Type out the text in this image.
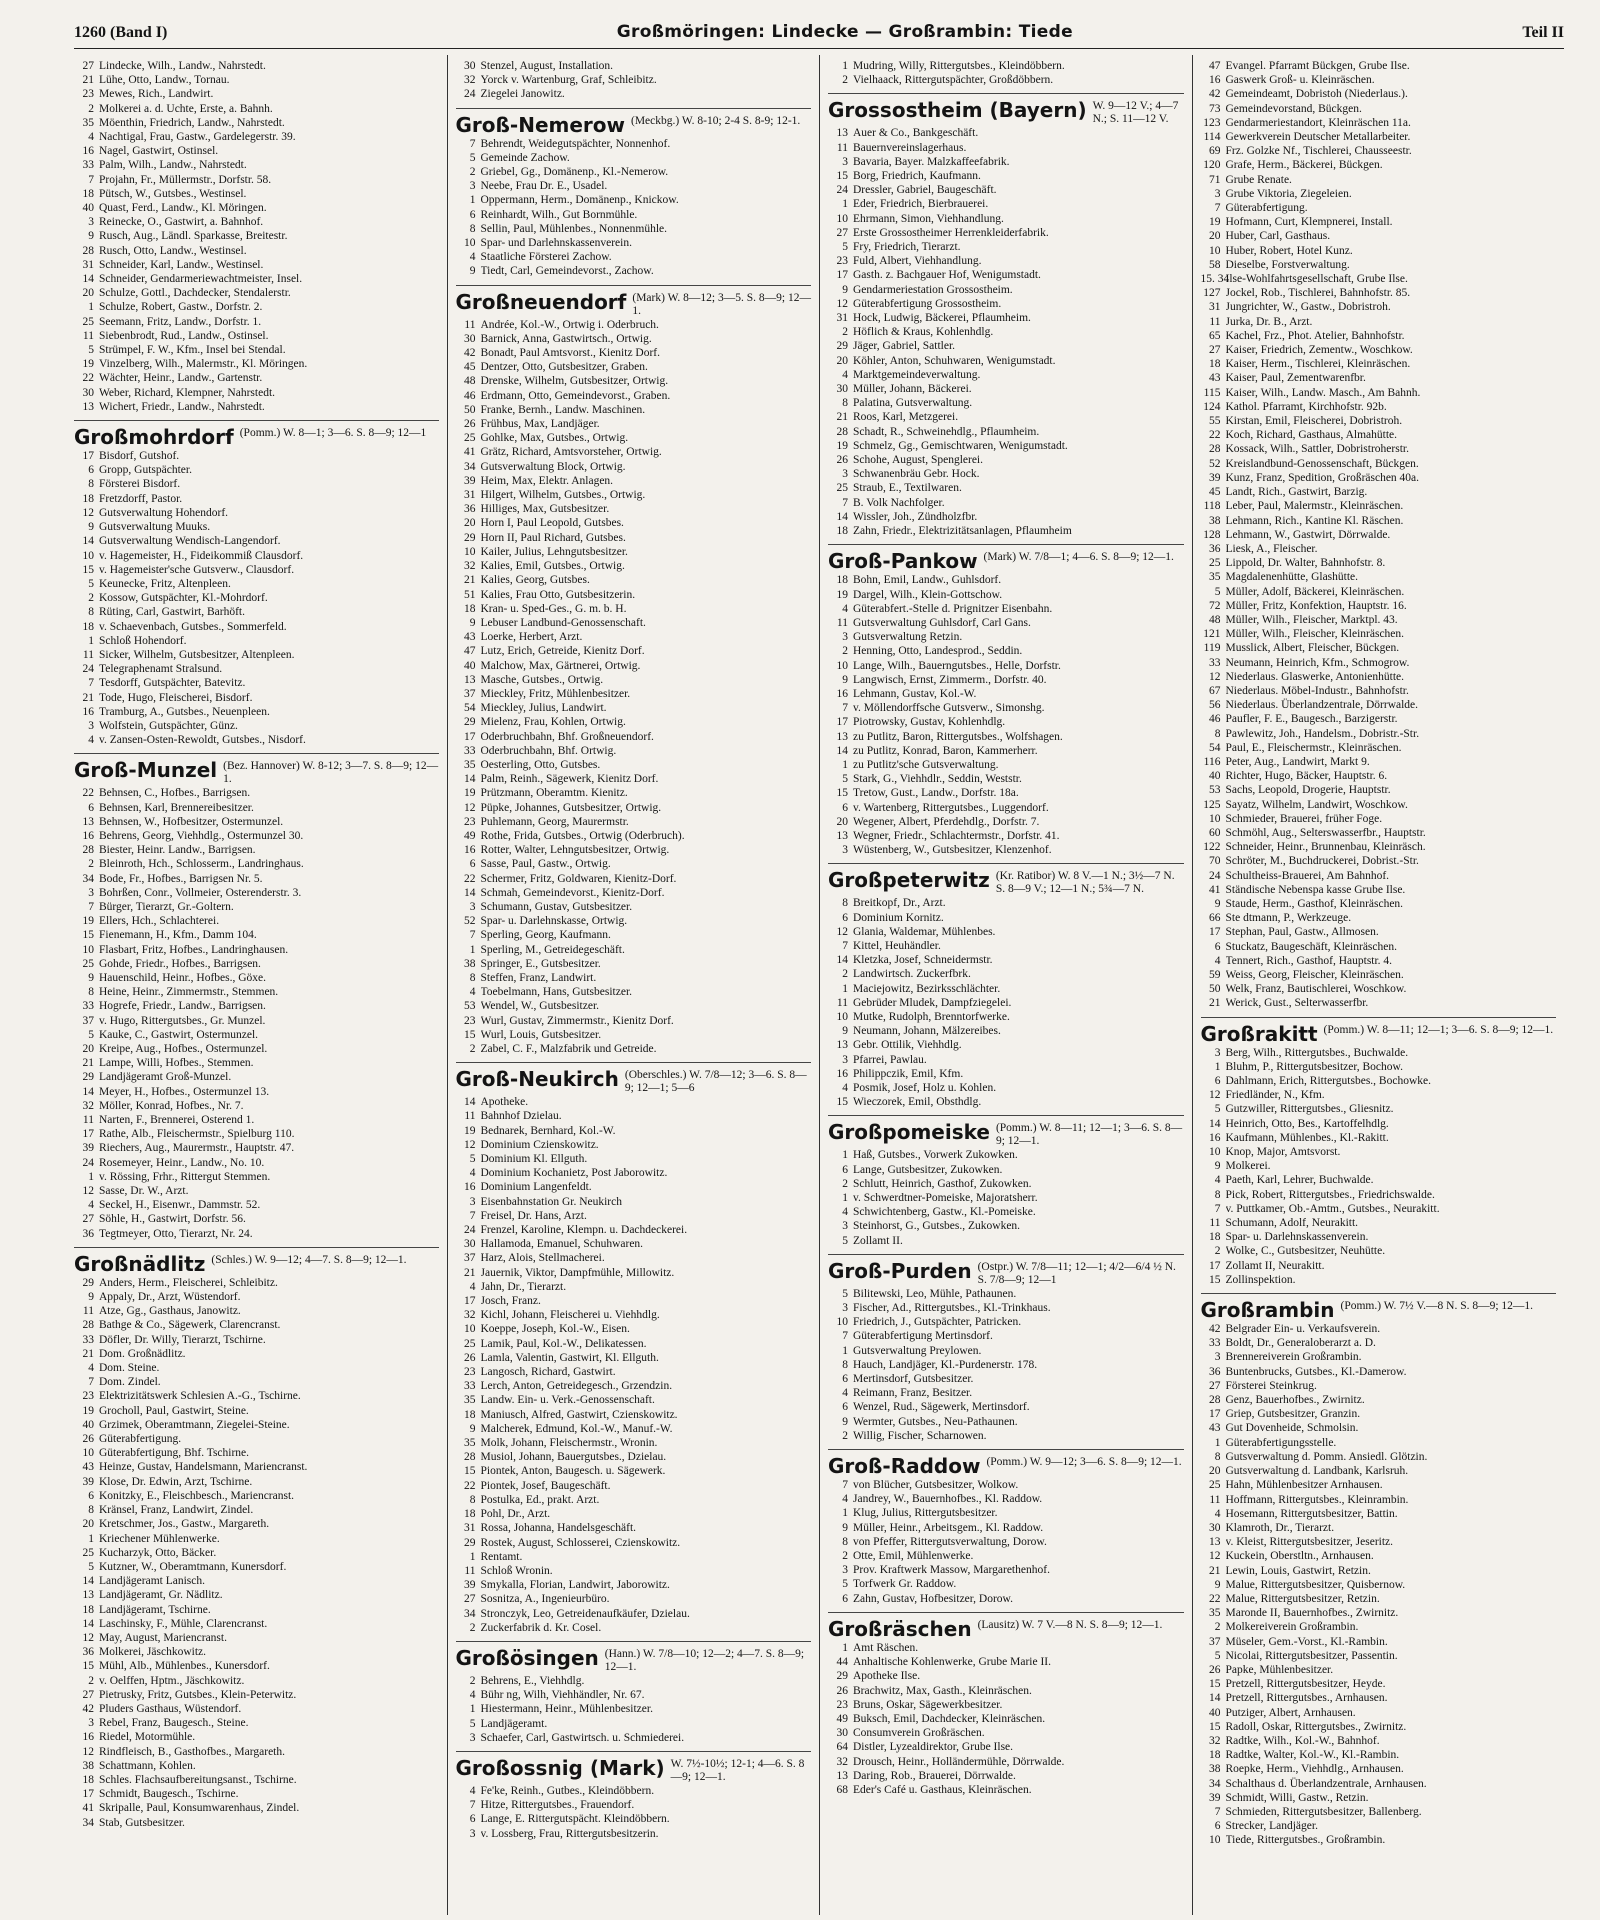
1260 (Band I)	Großmöringen: Lindecke — Großrambin: Tiede	Teil II
27 Lindecke, Wilh., Landw., Nahrstedt.
21 Lühe, Otto, Landw., Tornau.
23 Mewes, Rich., Landwirt.
2 Molkerei a. d. Uchte, Erste, a. Bahnh.
35 Möenthin, Friedrich, Landw., Nahrstedt.
4 Nachtigal, Frau, Gastw., Gardelegerstr. 39.
16 Nagel, Gastwirt, Ostinsel.
33 Palm, Wilh., Landw., Nahrstedt.
7 Projahn, Fr., Müllermstr., Dorfstr. 58.
18 Pütsch, W., Gutsbes., Westinsel.
40 Quast, Ferd., Landw., Kl. Möringen.
3 Reinecke, O., Gastwirt, a. Bahnhof.
9 Rusch, Aug., Ländl. Sparkasse, Breitestr.
28 Rusch, Otto, Landw., Westinsel.
31 Schneider, Karl, Landw., Westinsel.
14 Schneider, Gendarmeriewachtmeister, Insel.
20 Schulze, Gottl., Dachdecker, Stendalerstr.
1 Schulze, Robert, Gastw., Dorfstr. 2.
25 Seemann, Fritz, Landw., Dorfstr. 1.
11 Siebenbrodt, Rud., Landw., Ostinsel.
5 Strümpel, F. W., Kfm., Insel bei Stendal.
19 Vinzelberg, Wilh., Malermstr., Kl. Möringen.
22 Wächter, Heinr., Landw., Gartenstr.
30 Weber, Richard, Klempner, Nahrstedt.
13 Wichert, Friedr., Landw., Nahrstedt.
Großmohrdorf (Pomm.) W. 8—1; 3—6. S. 8—9; 12—1
17 Bisdorf, Gutshof.
6 Gropp, Gutspächter.
8 Försterei Bisdorf.
18 Fretzdorff, Pastor.
12 Gutsverwaltung Hohendorf.
9 Gutsverwaltung Muuks.
14 Gutsverwaltung Wendisch-Langendorf.
10 v. Hagemeister, H., Fideikommiß Clausdorf.
15 v. Hagemeister'sche Gutsverw., Clausdorf.
5 Keunecke, Fritz, Altenpleen.
2 Kossow, Gutspächter, Kl.-Mohrdorf.
8 Rüting, Carl, Gastwirt, Barhöft.
18 v. Schaevenbach, Gutsbes., Sommerfeld.
1 Schloß Hohendorf.
11 Sicker, Wilhelm, Gutsbesitzer, Altenpleen.
24 Telegraphenamt Stralsund.
7 Tesdorff, Gutspächter, Batevitz.
21 Tode, Hugo, Fleischerei, Bisdorf.
16 Tramburg, A., Gutsbes., Neuenpleen.
3 Wolfstein, Gutspächter, Günz.
4 v. Zansen-Osten-Rewoldt, Gutsbes., Nisdorf.
Groß-Munzel (Bez. Hannover) W. 8-12; 3—7. S. 8—9; 12—1.
22 Behnsen, C., Hofbes., Barrigsen.
6 Behnsen, Karl, Brennereibesitzer.
13 Behnsen, W., Hofbesitzer, Ostermunzel.
16 Behrens, Georg, Viehhdlg., Ostermunzel 30.
28 Biester, Heinr. Landw., Barrigsen.
2 Bleinroth, Hch., Schlosserm., Landringhaus.
34 Bode, Fr., Hofbes., Barrigsen Nr. 5.
3 Bohrßen, Conr., Vollmeier, Osterenderstr. 3.
7 Bürger, Tierarzt, Gr.-Goltern.
19 Ellers, Hch., Schlachterei.
15 Fienemann, H., Kfm., Damm 104.
10 Flasbart, Fritz, Hofbes., Landringhausen.
25 Gohde, Friedr., Hofbes., Barrigsen.
9 Hauenschild, Heinr., Hofbes., Göxe.
8 Heine, Heinr., Zimmermstr., Stemmen.
33 Hogrefe, Friedr., Landw., Barrigsen.
37 v. Hugo, Rittergutsbes., Gr. Munzel.
5 Kauke, C., Gastwirt, Ostermunzel.
20 Kreipe, Aug., Hofbes., Ostermunzel.
21 Lampe, Willi, Hofbes., Stemmen.
29 Landjägeramt Groß-Munzel.
14 Meyer, H., Hofbes., Ostermunzel 13.
32 Möller, Konrad, Hofbes., Nr. 7.
11 Narten, F., Brennerei, Osterend 1.
17 Rathe, Alb., Fleischermstr., Spielburg 110.
39 Riechers, Aug., Maurermstr., Hauptstr. 47.
24 Rosemeyer, Heinr., Landw., No. 10.
1 v. Rössing, Frhr., Rittergut Stemmen.
12 Sasse, Dr. W., Arzt.
4 Seckel, H., Eisenwr., Dammstr. 52.
27 Söhle, H., Gastwirt, Dorfstr. 56.
36 Tegtmeyer, Otto, Tierarzt, Nr. 24.
Großnädlitz (Schles.) W. 9—12; 4—7. S. 8—9; 12—1.
29 Anders, Herm., Fleischerei, Schleibitz.
9 Appaly, Dr., Arzt, Wüstendorf.
11 Atze, Gg., Gasthaus, Janowitz.
28 Bathge & Co., Sägewerk, Clarencranst.
33 Döfler, Dr. Willy, Tierarzt, Tschirne.
21 Dom. Großnädlitz.
4 Dom. Steine.
7 Dom. Zindel.
23 Elektrizitätswerk Schlesien A.-G., Tschirne.
19 Grocholl, Paul, Gastwirt, Steine.
40 Grzimek, Oberamtmann, Ziegelei-Steine.
26 Güterabfertigung.
10 Güterabfertigung, Bhf. Tschirne.
43 Heinze, Gustav, Handelsmann, Mariencranst.
39 Klose, Dr. Edwin, Arzt, Tschirne.
6 Konitzky, E., Fleischbesch., Mariencranst.
8 Kränsel, Franz, Landwirt, Zindel.
20 Kretschmer, Jos., Gastw., Margareth.
1 Kriechener Mühlenwerke.
25 Kucharzyk, Otto, Bäcker.
5 Kutzner, W., Oberamtmann, Kunersdorf.
14 Landjägeramt Lanisch.
13 Landjägeramt, Gr. Nädlitz.
18 Landjägeramt, Tschirne.
14 Laschinsky, F., Mühle, Clarencranst.
12 May, August, Mariencranst.
36 Molkerei, Jäschkowitz.
15 Mühl, Alb., Mühlenbes., Kunersdorf.
2 v. Oelffen, Hptm., Jäschkowitz.
27 Pietrusky, Fritz, Gutsbes., Klein-Peterwitz.
42 Pluders Gasthaus, Wüstendorf.
3 Rebel, Franz, Baugesch., Steine.
16 Riedel, Motormühle.
12 Rindfleisch, B., Gasthofbes., Margareth.
38 Schattmann, Kohlen.
18 Schles. Flachsaufbereitungsanst., Tschirne.
17 Schmidt, Baugesch., Tschirne.
41 Skripalle, Paul, Konsumwarenhaus, Zindel.
34 Stab, Gutsbesitzer.
30 Stenzel, August, Installation.
32 Yorck v. Wartenburg, Graf, Schleibitz.
24 Ziegelei Janowitz.
Groß-Nemerow (Meckbg.) W. 8-10; 2-4 S. 8-9; 12-1.
7 Behrendt, Weidegutspächter, Nonnenhof.
5 Gemeinde Zachow.
2 Griebel, Gg., Domänenp., Kl.-Nemerow.
3 Neebe, Frau Dr. E., Usadel.
1 Oppermann, Herm., Domänenp., Knickow.
6 Reinhardt, Wilh., Gut Bornmühle.
8 Sellin, Paul, Mühlenbes., Nonnenmühle.
10 Spar- und Darlehnskassenverein.
4 Staatliche Försterei Zachow.
9 Tiedt, Carl, Gemeindevorst., Zachow.
Großneuendorf (Mark) W. 8—12; 3—5. S. 8—9; 12—1.
11 Andrée, Kol.-W., Ortwig i. Oderbruch.
30 Barnick, Anna, Gastwirtsch., Ortwig.
42 Bonadt, Paul Amtsvorst., Kienitz Dorf.
45 Dentzer, Otto, Gutsbesitzer, Graben.
48 Drenske, Wilhelm, Gutsbesitzer, Ortwig.
46 Erdmann, Otto, Gemeindevorst., Graben.
50 Franke, Bernh., Landw. Maschinen.
26 Frühbus, Max, Landjäger.
25 Gohlke, Max, Gutsbes., Ortwig.
41 Grätz, Richard, Amtsvorsteher, Ortwig.
34 Gutsverwaltung Block, Ortwig.
39 Heim, Max, Elektr. Anlagen.
31 Hilgert, Wilhelm, Gutsbes., Ortwig.
36 Hilliges, Max, Gutsbesitzer.
20 Horn I, Paul Leopold, Gutsbes.
29 Horn II, Paul Richard, Gutsbes.
10 Kailer, Julius, Lehngutsbesitzer.
32 Kalies, Emil, Gutsbes., Ortwig.
21 Kalies, Georg, Gutsbes.
51 Kalies, Frau Otto, Gutsbesitzerin.
18 Kran- u. Sped-Ges., G. m. b. H.
9 Lebuser Landbund-Genossenschaft.
43 Loerke, Herbert, Arzt.
47 Lutz, Erich, Getreide, Kienitz Dorf.
40 Malchow, Max, Gärtnerei, Ortwig.
13 Masche, Gutsbes., Ortwig.
37 Mieckley, Fritz, Mühlenbesitzer.
54 Mieckley, Julius, Landwirt.
29 Mielenz, Frau, Kohlen, Ortwig.
17 Oderbruchbahn, Bhf. Großneuendorf.
33 Oderbruchbahn, Bhf. Ortwig.
35 Oesterling, Otto, Gutsbes.
14 Palm, Reinh., Sägewerk, Kienitz Dorf.
19 Prützmann, Oberamtm. Kienitz.
12 Püpke, Johannes, Gutsbesitzer, Ortwig.
23 Puhlemann, Georg, Maurermstr.
49 Rothe, Frida, Gutsbes., Ortwig (Oderbruch).
16 Rotter, Walter, Lehngutsbesitzer, Ortwig.
6 Sasse, Paul, Gastw., Ortwig.
22 Schermer, Fritz, Goldwaren, Kienitz-Dorf.
14 Schmah, Gemeindevorst., Kienitz-Dorf.
3 Schumann, Gustav, Gutsbesitzer.
52 Spar- u. Darlehnskasse, Ortwig.
7 Sperling, Georg, Kaufmann.
1 Sperling, M., Getreidegeschäft.
38 Springer, E., Gutsbesitzer.
8 Steffen, Franz, Landwirt.
4 Toebelmann, Hans, Gutsbesitzer.
53 Wendel, W., Gutsbesitzer.
23 Wurl, Gustav, Zimmermstr., Kienitz Dorf.
15 Wurl, Louis, Gutsbesitzer.
2 Zabel, C. F., Malzfabrik und Getreide.
Groß-Neukirch (Oberschles.) W. 7/8—12; 3—6. S. 8—9; 12—1; 5—6
14 Apotheke.
11 Bahnhof Dzielau.
19 Bednarek, Bernhard, Kol.-W.
12 Dominium Czienskowitz.
5 Dominium Kl. Ellguth.
4 Dominium Kochanietz, Post Jaborowitz.
16 Dominium Langenfeldt.
3 Eisenbahnstation Gr. Neukirch
7 Freisel, Dr. Hans, Arzt.
24 Frenzel, Karoline, Klempn. u. Dachdeckerei.
30 Hallamoda, Emanuel, Schuhwaren.
37 Harz, Alois, Stellmacherei.
21 Jauernik, Viktor, Dampfmühle, Millowitz.
4 Jahn, Dr., Tierarzt.
17 Josch, Franz.
32 Kichl, Johann, Fleischerei u. Viehhdlg.
10 Koeppe, Joseph, Kol.-W., Eisen.
25 Lamik, Paul, Kol.-W., Delikatessen.
26 Lamla, Valentin, Gastwirt, Kl. Ellguth.
23 Langosch, Richard, Gastwirt.
33 Lerch, Anton, Getreidegesch., Grzendzin.
35 Landw. Ein- u. Verk.-Genossenschaft.
18 Maniusch, Alfred, Gastwirt, Czienskowitz.
9 Malcherek, Edmund, Kol.-W., Manuf.-W.
35 Molk, Johann, Fleischermstr., Wronin.
28 Musiol, Johann, Bauergutsbes., Dzielau.
15 Piontek, Anton, Baugesch. u. Sägewerk.
22 Piontek, Josef, Baugeschäft.
8 Postulka, Ed., prakt. Arzt.
18 Pohl, Dr., Arzt.
31 Rossa, Johanna, Handelsgeschäft.
29 Rostek, August, Schlosserei, Czienskowitz.
1 Rentamt.
11 Schloß Wronin.
39 Smykalla, Florian, Landwirt, Jaborowitz.
27 Sosnitza, A., Ingenieurbüro.
34 Stronczyk, Leo, Getreidenaufkäufer, Dzielau.
2 Zuckerfabrik d. Kr. Cosel.
Großösingen (Hann.) W. 7/8—10; 12—2; 4—7. S. 8—9; 12—1.
2 Behrens, E., Viehhdlg.
4 Bühr ng, Wilh, Viehhändler, Nr. 67.
1 Hiestermann, Heinr., Mühlenbesitzer.
5 Landjägeramt.
3 Schaefer, Carl, Gastwirtsch. u. Schmiederei.
Großossnig (Mark) W. 7½-10½; 12-1; 4—6. S. 8—9; 12—1.
4 Fe'ke, Reinh., Gutbes., Kleindöbbern.
7 Hitze, Rittergutsbes., Frauendorf.
6 Lange, E. Rittergutspächt. Kleindöbbern.
3 v. Lossberg, Frau, Rittergutsbesitzerin.
1 Mudring, Willy, Rittergutsbes., Kleindöbbern.
2 Vielhaack, Rittergutspächter, Großdöbbern.
Grossostheim (Bayern) W. 9—12 V.; 4—7 N.; S. 11—12 V.
13 Auer & Co., Bankgeschäft.
11 Bauernvereinslagerhaus.
3 Bavaria, Bayer. Malzkaffeefabrik.
15 Borg, Friedrich, Kaufmann.
24 Dressler, Gabriel, Baugeschäft.
1 Eder, Friedrich, Bierbrauerei.
10 Ehrmann, Simon, Viehhandlung.
27 Erste Grossostheimer Herrenkleiderfabrik.
5 Fry, Friedrich, Tierarzt.
23 Fuld, Albert, Viehhandlung.
17 Gasth. z. Bachgauer Hof, Wenigumstadt.
9 Gendarmeriestation Grossostheim.
12 Güterabfertigung Grossostheim.
31 Hock, Ludwig, Bäckerei, Pflaumheim.
2 Höflich & Kraus, Kohlenhdlg.
29 Jäger, Gabriel, Sattler.
20 Köhler, Anton, Schuhwaren, Wenigumstadt.
4 Marktgemeindeverwaltung.
30 Müller, Johann, Bäckerei.
8 Palatina, Gutsverwaltung.
21 Roos, Karl, Metzgerei.
28 Schadt, R., Schweinehdlg., Pflaumheim.
19 Schmelz, Gg., Gemischtwaren, Wenigumstadt.
26 Schohe, August, Spenglerei.
3 Schwanenbräu Gebr. Hock.
25 Straub, E., Textilwaren.
7 B. Volk Nachfolger.
14 Wissler, Joh., Zündholzfbr.
18 Zahn, Friedr., Elektrizitätsanlagen, Pflaumheim
Groß-Pankow (Mark) W. 7/8—1; 4—6. S. 8—9; 12—1.
18 Bohn, Emil, Landw., Guhlsdorf.
19 Dargel, Wilh., Klein-Gottschow.
4 Güterabfert.-Stelle d. Prignitzer Eisenbahn.
11 Gutsverwaltung Guhlsdorf, Carl Gans.
3 Gutsverwaltung Retzin.
2 Henning, Otto, Landesprod., Seddin.
10 Lange, Wilh., Bauerngutsbes., Helle, Dorfstr.
9 Langwisch, Ernst, Zimmerm., Dorfstr. 40.
16 Lehmann, Gustav, Kol.-W.
7 v. Möllendorffsche Gutsverw., Simonshg.
17 Piotrowsky, Gustav, Kohlenhdlg.
13 zu Putlitz, Baron, Rittergutsbes., Wolfshagen.
14 zu Putlitz, Konrad, Baron, Kammerherr.
1 zu Putlitz'sche Gutsverwaltung.
5 Stark, G., Viehhdlr., Seddin, Weststr.
15 Tretow, Gust., Landw., Dorfstr. 18a.
6 v. Wartenberg, Rittergutsbes., Luggendorf.
20 Wegener, Albert, Pferdehdlg., Dorfstr. 7.
13 Wegner, Friedr., Schlachtermstr., Dorfstr. 41.
3 Wüstenberg, W., Gutsbesitzer, Klenzenhof.
Großpeterwitz (Kr. Ratibor) W. 8 V.—1 N.; 3½—7 N. S. 8—9 V.; 12—1 N.; 5¾—7 N.
8 Breitkopf, Dr., Arzt.
6 Dominium Kornitz.
12 Glania, Waldemar, Mühlenbes.
7 Kittel, Heuhändler.
14 Kletzka, Josef, Schneidermstr.
2 Landwirtsch. Zuckerfbrk.
1 Maciejowitz, Bezirksschlächter.
11 Gebrüder Mludek, Dampfziegelei.
10 Mutke, Rudolph, Brenntorfwerke.
9 Neumann, Johann, Mälzereibes.
13 Gebr. Ottilik, Viehhdlg.
3 Pfarrei, Pawlau.
16 Philippczik, Emil, Kfm.
4 Posmik, Josef, Holz u. Kohlen.
15 Wieczorek, Emil, Obsthdlg.
Großpomeiske (Pomm.) W. 8—11; 12—1; 3—6. S. 8—9; 12—1.
1 Haß, Gutsbes., Vorwerk Zukowken.
6 Lange, Gutsbesitzer, Zukowken.
2 Schlutt, Heinrich, Gasthof, Zukowken.
1 v. Schwerdtner-Pomeiske, Majoratsherr.
4 Schwichtenberg, Gastw., Kl.-Pomeiske.
3 Steinhorst, G., Gutsbes., Zukowken.
5 Zollamt II.
Groß-Purden (Ostpr.) W. 7/8—11; 12—1; 4/2—6/4 ½ N. S. 7/8—9; 12—1
5 Bilitewski, Leo, Mühle, Pathaunen.
3 Fischer, Ad., Rittergutsbes., Kl.-Trinkhaus.
10 Friedrich, J., Gutspächter, Patricken.
7 Güterabfertigung Mertinsdorf.
1 Gutsverwaltung Preylowen.
8 Hauch, Landjäger, Kl.-Purdenerstr. 178.
6 Mertinsdorf, Gutsbesitzer.
4 Reimann, Franz, Besitzer.
6 Wenzel, Rud., Sägewerk, Mertinsdorf.
9 Wermter, Gutsbes., Neu-Pathaunen.
2 Willig, Fischer, Scharnowen.
Groß-Raddow (Pomm.) W. 9—12; 3—6. S. 8—9; 12—1.
7 von Blücher, Gutsbesitzer, Wolkow.
4 Jandrey, W., Bauernhofbes., Kl. Raddow.
1 Klug, Julius, Rittergutsbesitzer.
9 Müller, Heinr., Arbeitsgem., Kl. Raddow.
8 von Pfeffer, Rittergutsverwaltung, Dorow.
2 Otte, Emil, Mühlenwerke.
3 Prov. Kraftwerk Massow, Margarethenhof.
5 Torfwerk Gr. Raddow.
6 Zahn, Gustav, Hofbesitzer, Dorow.
Großräschen (Lausitz) W. 7 V.—8 N. S. 8—9; 12—1.
1 Amt Räschen.
44 Anhaltische Kohlenwerke, Grube Marie II.
29 Apotheke Ilse.
26 Brachwitz, Max, Gasth., Kleinräschen.
23 Bruns, Oskar, Sägewerkbesitzer.
49 Buksch, Emil, Dachdecker, Kleinräschen.
30 Consumverein Großräschen.
64 Distler, Lyzealdirektor, Grube Ilse.
32 Drousch, Heinr., Holländermühle, Dörrwalde.
13 Daring, Rob., Brauerei, Dörrwalde.
68 Eder's Café u. Gasthaus, Kleinräschen.
47 Evangel. Pfarramt Bückgen, Grube Ilse.
16 Gaswerk Groß- u. Kleinräschen.
42 Gemeindeamt, Dobristoh (Niederlaus.).
73 Gemeindevorstand, Bückgen.
123 Gendarmeriestandort, Kleinräschen 11a.
114 Gewerkverein Deutscher Metallarbeiter.
69 Frz. Golzke Nf., Tischlerei, Chausseestr.
120 Grafe, Herm., Bäckerei, Bückgen.
71 Grube Renate.
3 Grube Viktoria, Ziegeleien.
7 Güterabfertigung.
19 Hofmann, Curt, Klempnerei, Install.
20 Huber, Carl, Gasthaus.
10 Huber, Robert, Hotel Kunz.
58 Dieselbe, Forstverwaltung.
15. 34
Ilse-Wohlfahrtsgesellschaft, Grube Ilse.
127 Jockel, Rob., Tischlerei, Bahnhofstr. 85.
31 Jungrichter, W., Gastw., Dobristroh.
11 Jurka, Dr. B., Arzt.
65 Kachel, Frz., Phot. Atelier, Bahnhofstr.
27 Kaiser, Friedrich, Zementw., Woschkow.
18 Kaiser, Herm., Tischlerei, Kleinräschen.
43 Kaiser, Paul, Zementwarenfbr.
115 Kaiser, Wilh., Landw. Masch., Am Bahnh.
124 Kathol. Pfarramt, Kirchhofstr. 92b.
55 Kirstan, Emil, Fleischerei, Dobristroh.
22 Koch, Richard, Gasthaus, Almahütte.
28 Kossack, Wilh., Sattler, Dobristroherstr.
52 Kreislandbund-Genossenschaft, Bückgen.
39 Kunz, Franz, Spedition, Großräschen 40a.
45 Landt, Rich., Gastwirt, Barzig.
118 Leber, Paul, Malermstr., Kleinräschen.
38 Lehmann, Rich., Kantine Kl. Räschen.
128 Lehmann, W., Gastwirt, Dörrwalde.
36 Liesk, A., Fleischer.
25 Lippold, Dr. Walter, Bahnhofstr. 8.
35 Magdalenenhütte, Glashütte.
5 Müller, Adolf, Bäckerei, Kleinräschen.
72 Müller, Fritz, Konfektion, Hauptstr. 16.
48 Müller, Wilh., Fleischer, Marktpl. 43.
121 Müller, Wilh., Fleischer, Kleinräschen.
119 Musslick, Albert, Fleischer, Bückgen.
33 Neumann, Heinrich, Kfm., Schmogrow.
12 Niederlaus. Glaswerke, Antonienhütte.
67 Niederlaus. Möbel-Industr., Bahnhofstr.
56 Niederlaus. Überlandzentrale, Dörrwalde.
46 Paufler, F. E., Baugesch., Barzigerstr.
8 Pawlewitz, Joh., Handelsm., Dobristr.-Str.
54 Paul, E., Fleischermstr., Kleinräschen.
116 Peter, Aug., Landwirt, Markt 9.
40 Richter, Hugo, Bäcker, Hauptstr. 6.
53 Sachs, Leopold, Drogerie, Hauptstr.
125 Sayatz, Wilhelm, Landwirt, Woschkow.
10 Schmieder, Brauerei, früher Foge.
60 Schmöhl, Aug., Selterswasserfbr., Hauptstr.
122 Schneider, Heinr., Brunnenbau, Kleinräsch.
70 Schröter, M., Buchdruckerei, Dobrist.-Str.
24 Schultheiss-Brauerei, Am Bahnhof.
41 Ständische Nebenspa kasse Grube Ilse.
9 Staude, Herm., Gasthof, Kleinräschen.
66 Ste dtmann, P., Werkzeuge.
17 Stephan, Paul, Gastw., Allmosen.
6 Stuckatz, Baugeschäft, Kleinräschen.
4 Tennert, Rich., Gasthof, Hauptstr. 4.
59 Weiss, Georg, Fleischer, Kleinräschen.
50 Welk, Franz, Bautischlerei, Woschkow.
21 Werick, Gust., Selterwasserfbr.
Großrakitt (Pomm.) W. 8—11; 12—1; 3—6. S. 8—9; 12—1.
3 Berg, Wilh., Rittergutsbes., Buchwalde.
1 Bluhm, P., Rittergutsbesitzer, Bochow.
6 Dahlmann, Erich, Rittergutsbes., Bochowke.
12 Friedländer, N., Kfm.
5 Gutzwiller, Rittergutsbes., Gliesnitz.
14 Heinrich, Otto, Bes., Kartoffelhdlg.
16 Kaufmann, Mühlenbes., Kl.-Rakitt.
10 Knop, Major, Amtsvorst.
9 Molkerei.
4 Paeth, Karl, Lehrer, Buchwalde.
8 Pick, Robert, Rittergutsbes., Friedrichswalde.
7 v. Puttkamer, Ob.-Amtm., Gutsbes., Neurakitt.
11 Schumann, Adolf, Neurakitt.
18 Spar- u. Darlehnskassenverein.
2 Wolke, C., Gutsbesitzer, Neuhütte.
17 Zollamt II, Neurakitt.
15 Zollinspektion.
Großrambin (Pomm.) W. 7½ V.—8 N. S. 8—9; 12—1.
42 Belgrader Ein- u. Verkaufsverein.
33 Boldt, Dr., Generaloberarzt a. D.
3 Brennereiverein Großrambin.
36 Buntenbrucks, Gutsbes., Kl.-Damerow.
27 Försterei Steinkrug.
28 Genz, Bauerhofbes., Zwirnitz.
17 Griep, Gutsbesitzer, Granzin.
43 Gut Dovenheide, Schmolsin.
1 Güterabfertigungsstelle.
8 Gutsverwaltung d. Pomm. Ansiedl. Glötzin.
20 Gutsverwaltung d. Landbank, Karlsruh.
25 Hahn, Mühlenbesitzer Arnhausen.
11 Hoffmann, Rittergutsbes., Kleinrambin.
4 Hosemann, Rittergutsbesitzer, Battin.
30 Klamroth, Dr., Tierarzt.
13 v. Kleist, Rittergutsbesitzer, Jeseritz.
12 Kuckein, Oberstltn., Arnhausen.
21 Lewin, Louis, Gastwirt, Retzin.
9 Malue, Rittergutsbesitzer, Quisbernow.
22 Malue, Rittergutsbesitzer, Retzin.
35 Maronde II, Bauernhofbes., Zwirnitz.
2 Molkereiverein Großrambin.
37 Müseler, Gem.-Vorst., Kl.-Rambin.
5 Nicolai, Rittergutsbesitzer, Passentin.
26 Papke, Mühlenbesitzer.
15 Pretzell, Rittergutsbesitzer, Heyde.
14 Pretzell, Rittergutsbes., Arnhausen.
40 Putziger, Albert, Arnhausen.
15 Radoll, Oskar, Rittergutsbes., Zwirnitz.
32 Radtke, Wilh., Kol.-W., Bahnhof.
18 Radtke, Walter, Kol.-W., Kl.-Rambin.
38 Roepke, Herm., Viehhdlg., Arnhausen.
34 Schalthaus d. Überlandzentrale, Arnhausen.
39 Schmidt, Willi, Gastw., Retzin.
7 Schmieden, Rittergutsbesitzer, Ballenberg.
6 Strecker, Landjäger.
10 Tiede, Rittergutsbes., Großrambin.
